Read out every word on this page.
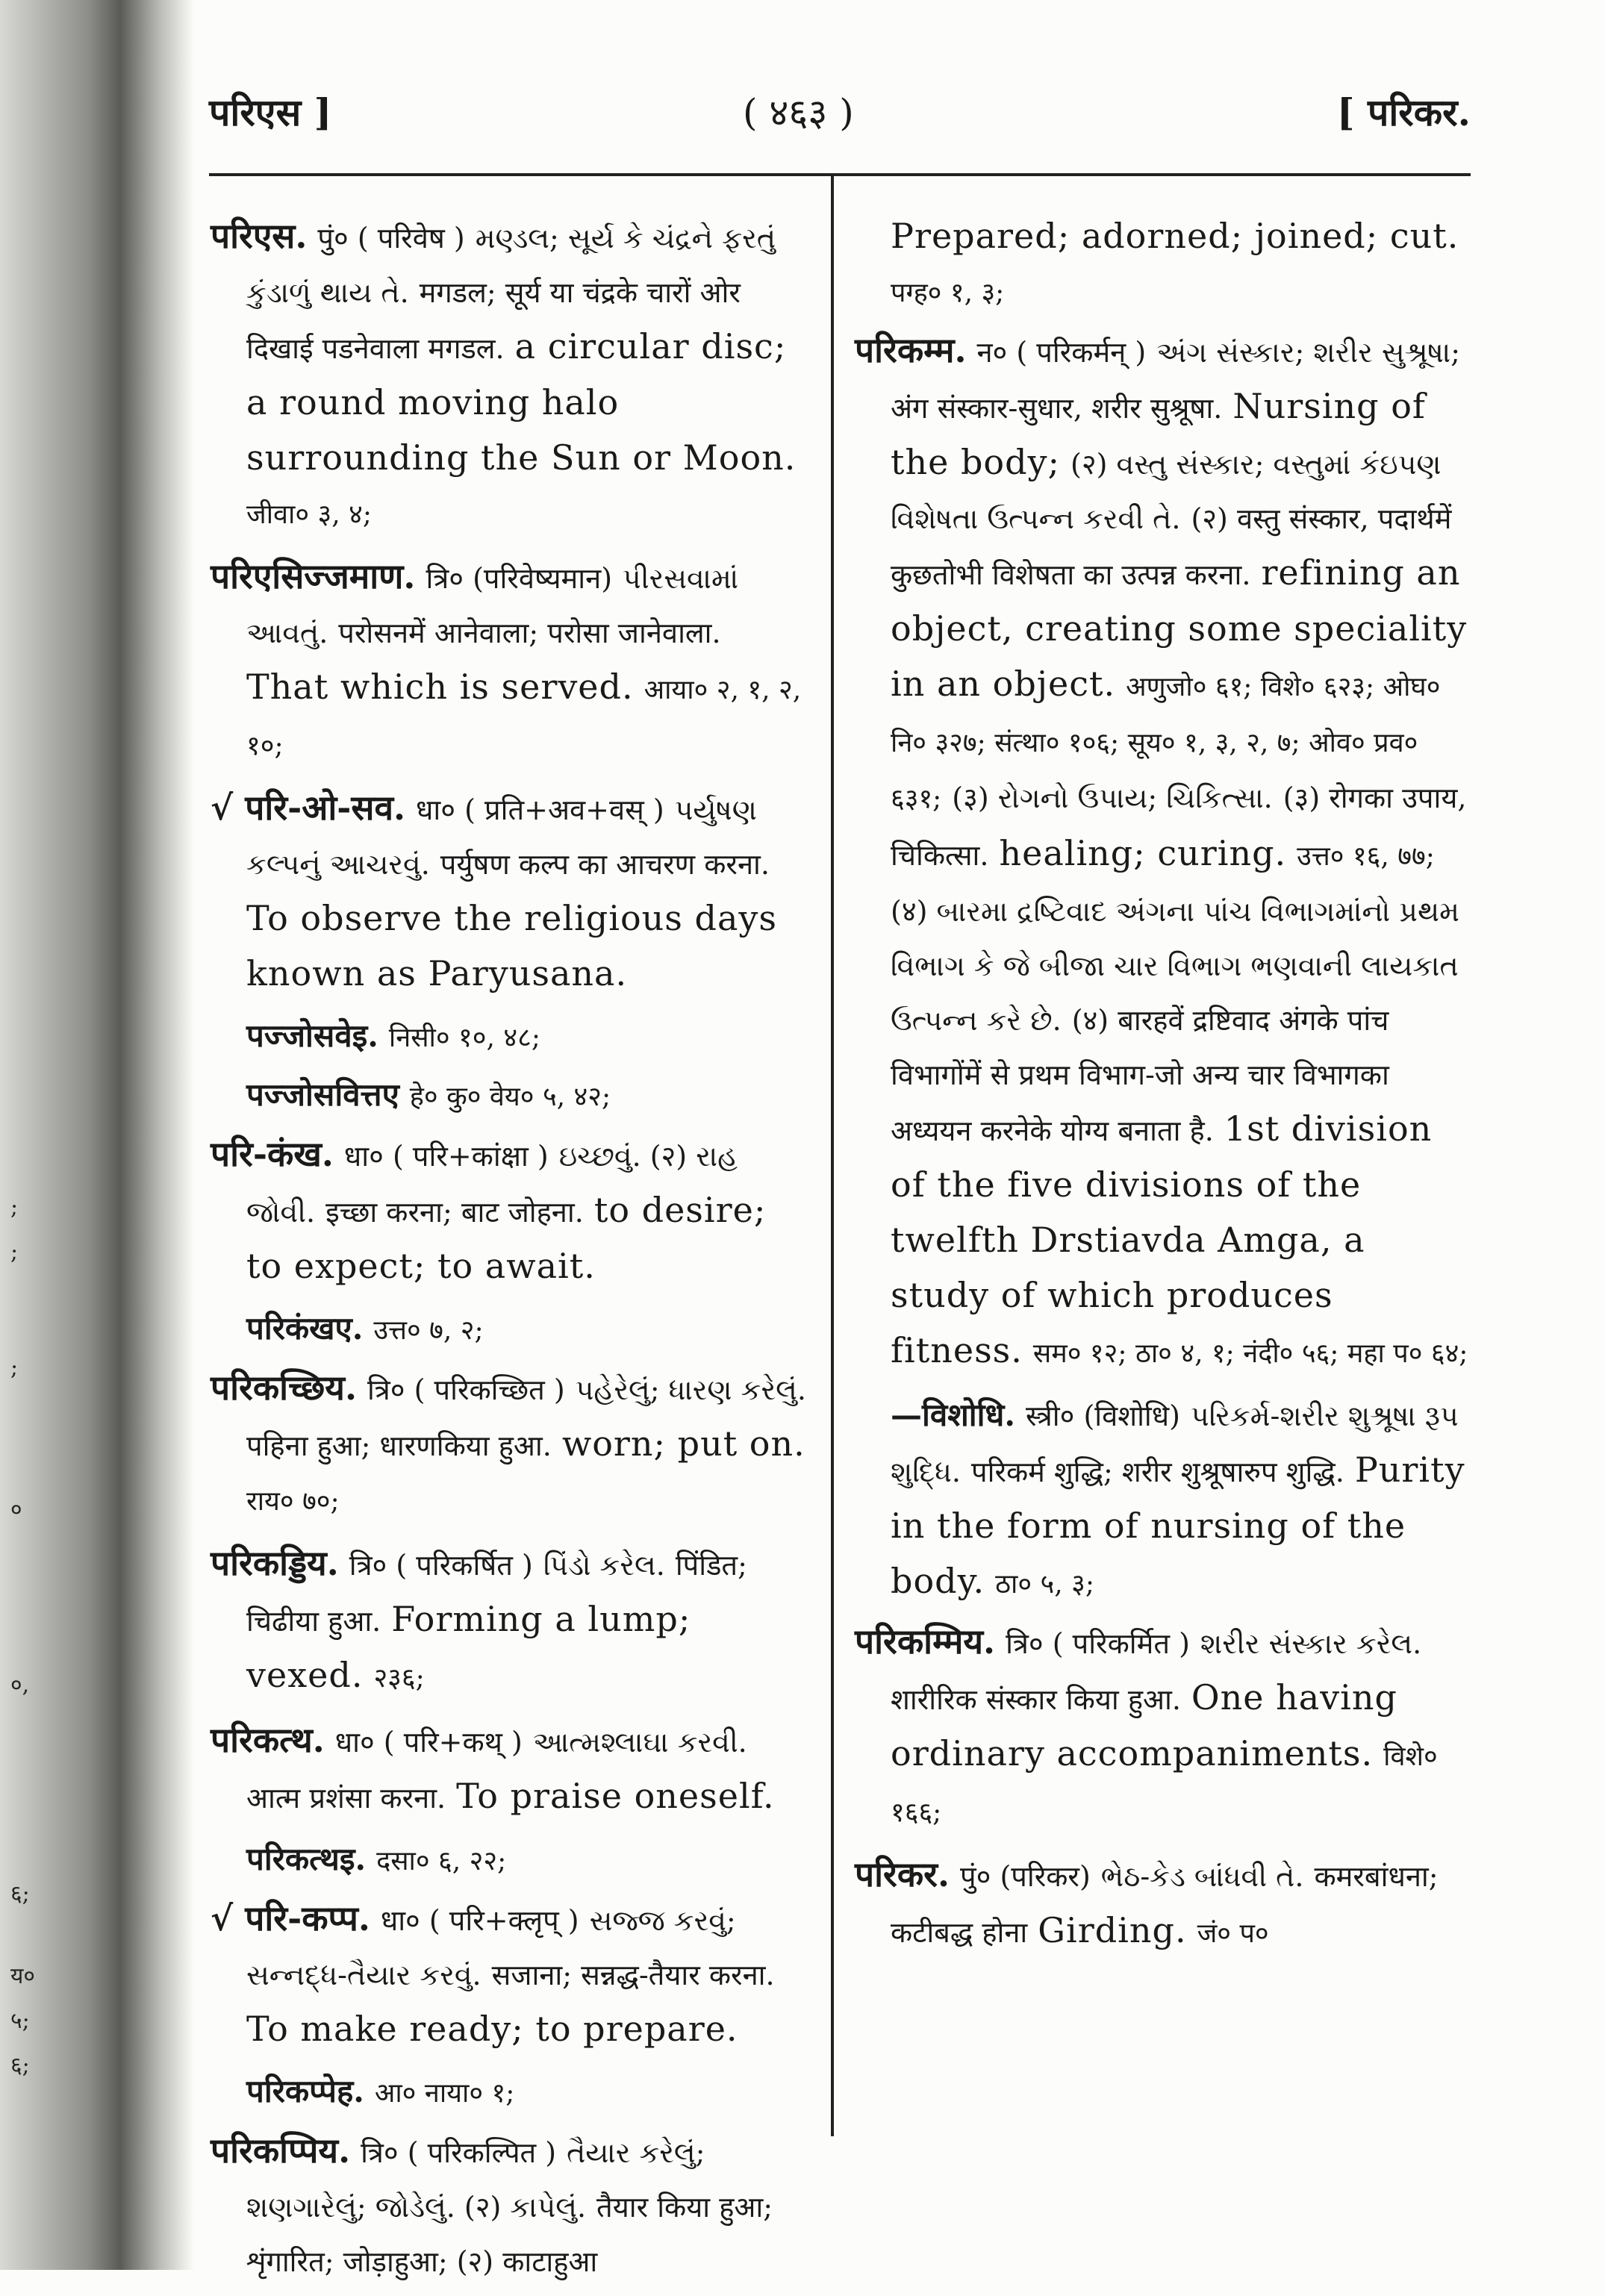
;
;
;
०
०,
६;
य०
५;
६;
परिएस ]	( ४६३ )	[ परिकर.
परिएस. पुं० ( परिवेष ) મણ્ડલ; સૂર્ય કે ચંદ્રને ફરતું કુંડાળું થાય તે. मगडल; सूर्य या चंद्रके चारों ओर दिखाई पडनेवाला मगडल. a circular disc; a round moving halo surrounding the Sun or Moon. जीवा० ३, ४;
परिएसिज्जमाण. त्रि० (परिवेष्यमान) પીરસવામાં આવતું. परोसनमें आनेवाला; परोसा जानेवाला. That which is served. आया० २, १, २, १०;
√ परि-ओ-सव. धा० ( प्रति+अव+वस् ) પર્યુષણ કલ્પનું આચરવું. पर्युषण कल्प का आचरण करना. To observe the religious days known as Paryusana.
पज्जोसवेइ. निसी० १०, ४८;
पज्जोसवित्तए हे० कु० वेय० ५, ४२;
परि-कंख. धा० ( परि+कांक्षा ) ઇચ્છવું. (२) રાહ જોવી. इच्छा करना; बाट जोहना. to desire; to expect; to await.
परिकंखए. उत्त० ७, २;
परिकच्छिय. त्रि० ( परिकच्छित ) પહેરેલું; ધારણ કરેલું. पहिना हुआ; धारणकिया हुआ. worn; put on. राय० ७०;
परिकड्डिय. त्रि० ( परिकर्षित ) પિંડો કરેલ. पिंडित; चिढीया हुआ. Forming a lump; vexed. २३६;
परिकत्थ. धा० ( परि+कथ् ) આત્મશ્લાઘા કરવી. आत्म प्रशंसा करना. To praise oneself.
परिकत्थइ. दसा० ६, २२;
√ परि-कप्प. धा० ( परि+क्लृप् ) સજ્જ કરવું; સન્નદ્ધ-તૈયાર કરવું. सजाना; सन्नद्ध-तैयार करना. To make ready; to prepare.
परिकप्पेह. आ० नाया० १;
परिकप्पिय. त्रि० ( परिकल्पित ) તૈયાર કરેલું; શણગારેલું; જોડેલું. (२) કાપેલું. तैयार किया हुआ; शृंगारित; जोड़ाहुआ; (२) काटाहुआ
Prepared; adorned; joined; cut. पग्ह० १, ३;
परिकम्म. न० ( परिकर्मन् ) અંગ સંસ્કાર; શરીર સુશ્રૂષા; अंग संस्कार-सुधार, शरीर सुश्रूषा. Nursing of the body; (२) વસ્તુ સંસ્કાર; વસ્તુમાં કંઇપણ વિશેષતા ઉત્પન્ન કરવી તે. (२) वस्तु संस्कार, पदार्थमें कुछतोभी विशेषता का उत्पन्न करना. refining an object, creating some speciality in an object. अणुजो० ६१; विशे० ६२३; ओघ० नि० ३२७; संत्था० १०६; सूय० १, ३, २, ७; ओव० प्रव० ६३१; (३) રોગનો ઉપાય; ચિકિત્સા. (३) रोगका उपाय, चिकित्सा. healing; curing. उत्त० १६, ७७; (४) બારમા દ્રષ્ટિવાદ અંગના પાંચ વિભાગમાંનો પ્રથમ વિભાગ કે જે બીજા ચાર વિભાગ ભણવાની લાયકાત ઉત્પન્ન કરે છે. (४) बारहवें द्रष्टिवाद अंगके पांच विभागोंमें से प्रथम विभाग-जो अन्य चार विभागका अध्ययन करनेके योग्य बनाता है. 1st division of the five divisions of the twelfth Drstiavda Amga, a study of which produces fitness. सम० १२; ठा० ४, १; नंदी० ५६; महा प० ६४;
—विशोधि. स्त्री० (विशोधि) પરિકર્મ-શરીર શુશ્રૂષા રૂપ શુદ્ધિ. परिकर्म शुद्धि; शरीर शुश्रूषारुप शुद्धि. Purity in the form of nursing of the body. ठा० ५, ३;
परिकम्मिय. त्रि० ( परिकर्मित ) શરીર સંસ્કાર કરેલ. शारीरिक संस्कार किया हुआ. One having ordinary accompaniments. विशे० १६६;
परिकर. पुं० (परिकर) ભેઠ-કેડ બાંધવી તે. कमरबांधना; कटीबद्ध होना Girding. जं० प०
